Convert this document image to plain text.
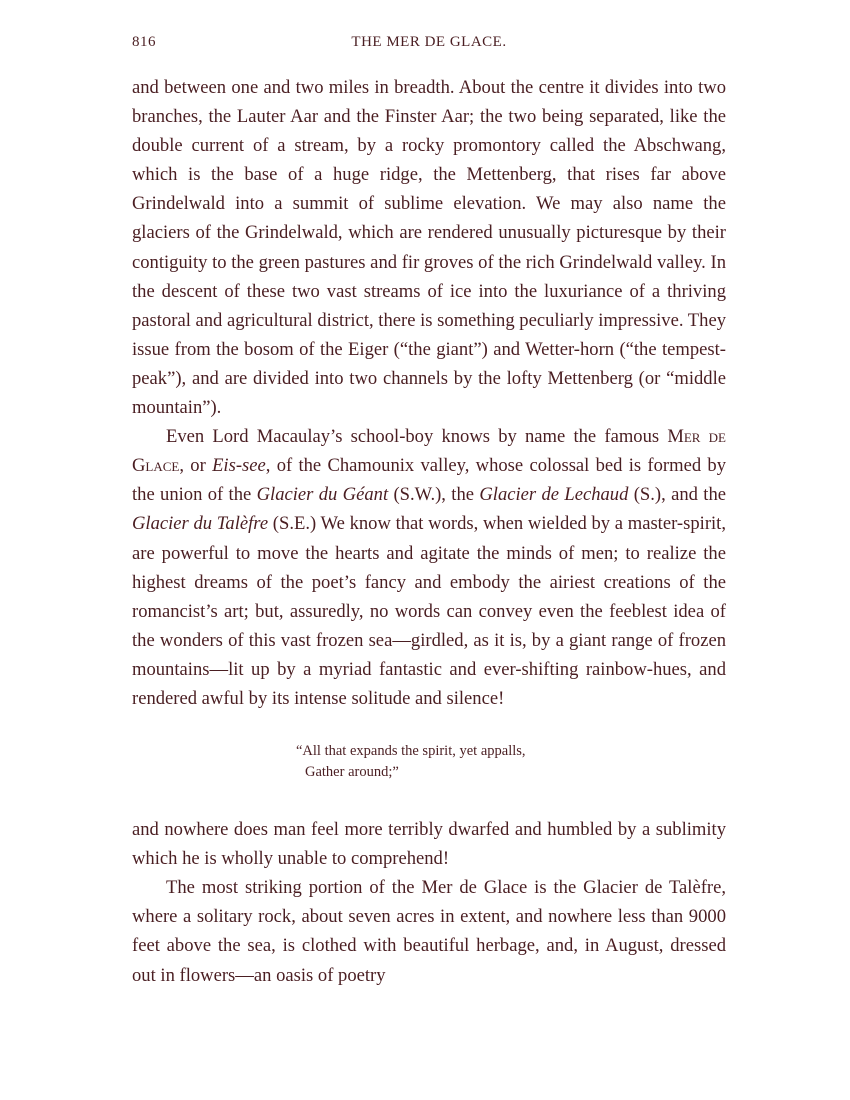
816	THE MER DE GLACE.

and between one and two miles in breadth. About the centre it divides into two branches, the Lauter Aar and the Finster Aar; the two being separated, like the double current of a stream, by a rocky promontory called the Abschwang, which is the base of a huge ridge, the Mettenberg, that rises far above Grindelwald into a summit of sublime elevation. We may also name the glaciers of the Grindelwald, which are rendered unusually picturesque by their contiguity to the green pastures and fir groves of the rich Grindelwald valley. In the descent of these two vast streams of ice into the luxuriance of a thriving pastoral and agricultural district, there is something peculiarly impressive. They issue from the bosom of the Eiger (“the giant”) and Wetter-horn (“the tempest-peak”), and are divided into two channels by the lofty Mettenberg (or “middle mountain”).

Even Lord Macaulay’s school-boy knows by name the famous Mer de Glace, or Eis-see, of the Chamounix valley, whose colossal bed is formed by the union of the Glacier du Géant (S.W.), the Glacier de Lechaud (S.), and the Glacier du Talèfre (S.E.) We know that words, when wielded by a master-spirit, are powerful to move the hearts and agitate the minds of men; to realize the highest dreams of the poet’s fancy and embody the airiest creations of the romancist’s art; but, assuredly, no words can convey even the feeblest idea of the wonders of this vast frozen sea—girdled, as it is, by a giant range of frozen mountains—lit up by a myriad fantastic and ever-shifting rainbow-hues, and rendered awful by its intense solitude and silence!

“All that expands the spirit, yet appalls,
Gather around;”

and nowhere does man feel more terribly dwarfed and humbled by a sublimity which he is wholly unable to comprehend!

The most striking portion of the Mer de Glace is the Glacier de Talèfre, where a solitary rock, about seven acres in extent, and nowhere less than 9000 feet above the sea, is clothed with beautiful herbage, and, in August, dressed out in flowers—an oasis of poetry
